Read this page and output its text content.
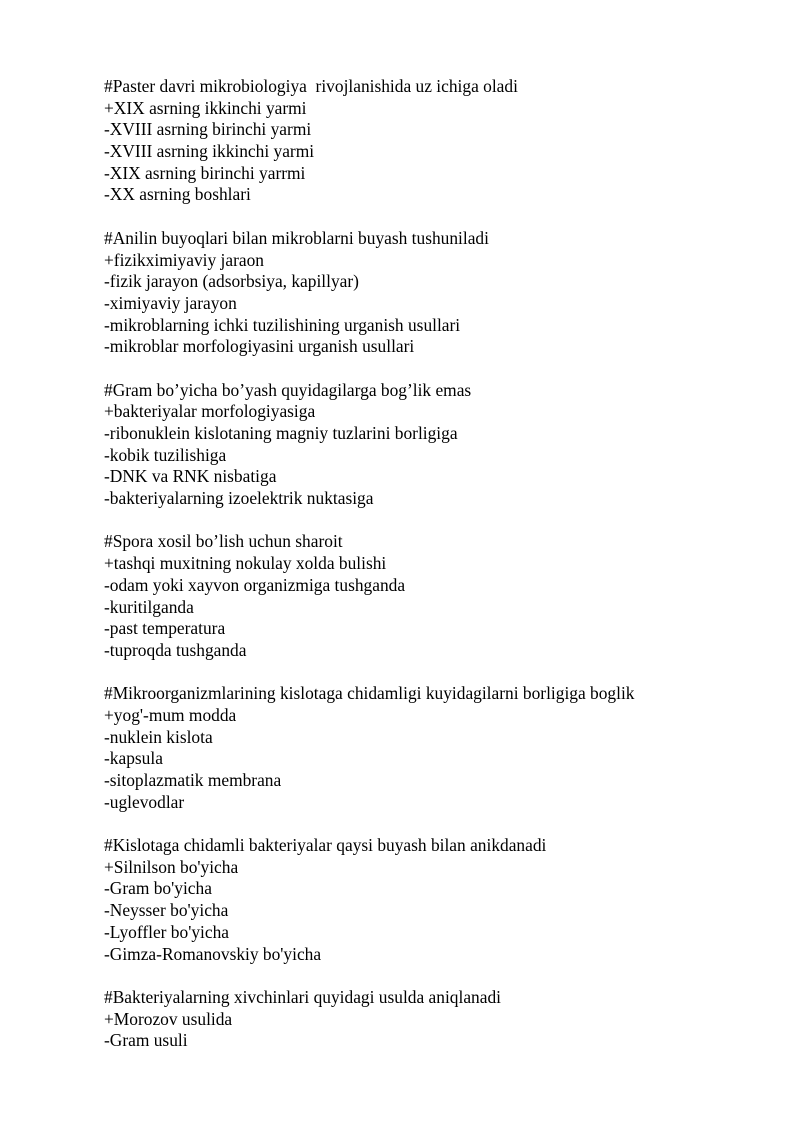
#Paster davri mikrobiologiya  rivojlanishida uz ichiga oladi
+XIX asrning ikkinchi yarmi
-XVIII asrning birinchi yarmi
-XVIII asrning ikkinchi yarmi
-XIX asrning birinchi yarrmi
-XX asrning boshlari
#Anilin buyoqlari bilan mikroblarni buyash tushuniladi
+fizikximiyaviy jaraon
-fizik jarayon (adsorbsiya, kapillyar)
-ximiyaviy jarayon
-mikroblarning ichki tuzilishining urganish usullari
-mikroblar morfologiyasini urganish usullari
#Gram bo’yicha bo’yash quyidagilarga bog’lik emas
+bakteriyalar morfologiyasiga
-ribonuklein kislotaning magniy tuzlarini borligiga
-kobik tuzilishiga
-DNK va RNK nisbatiga
-bakteriyalarning izoelektrik nuktasiga
#Spora xosil bo’lish uchun sharoit
+tashqi muxitning nokulay xolda bulishi
-odam yoki xayvon organizmiga tushganda
-kuritilganda
-past temperatura
-tuproqda tushganda
#Mikroorganizmlarining kislotaga chidamligi kuyidagilarni borligiga boglik
+yog'-mum modda
-nuklein kislota
-kapsula
-sitoplazmatik membrana
-uglevodlar
#Kislotaga chidamli bakteriyalar qaysi buyash bilan anikdanadi
+Silnilson bo'yicha
-Gram bo'yicha
-Neysser bo'yicha
-Lyoffler bo'yicha
-Gimza-Romanovskiy bo'yicha
#Bakteriyalarning xivchinlari quyidagi usulda aniqlanadi
+Morozov usulida
-Gram usuli
